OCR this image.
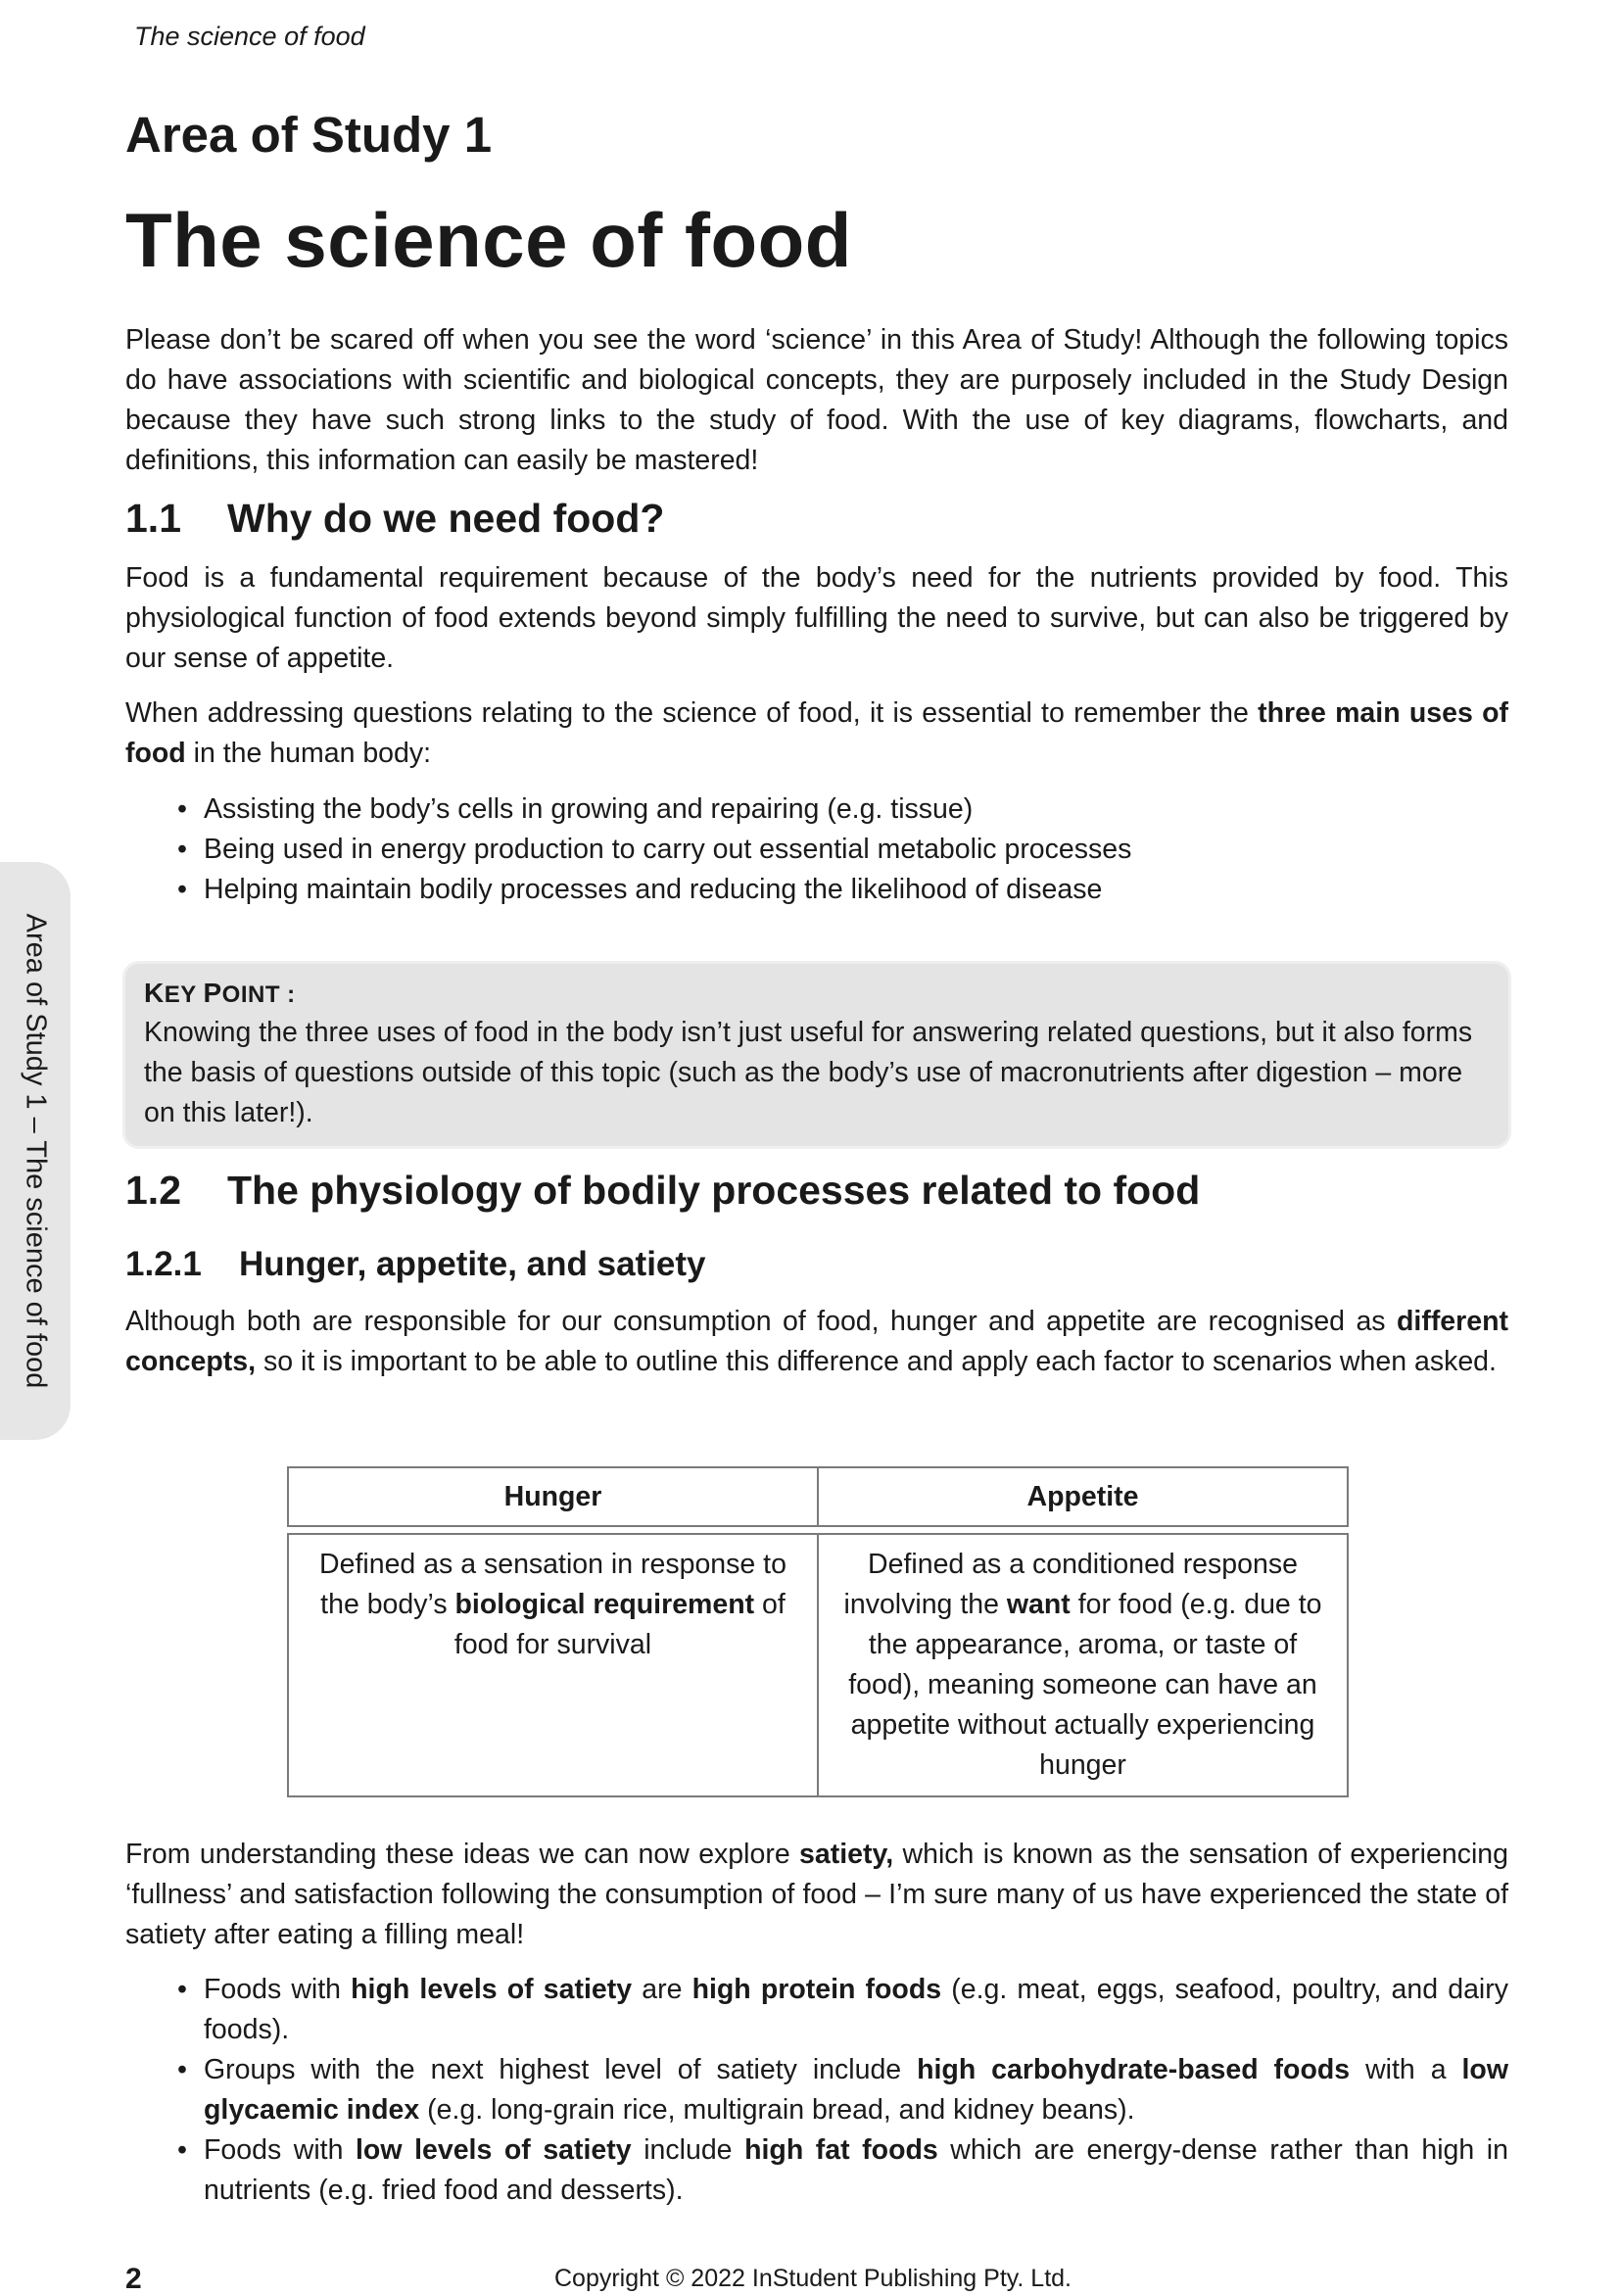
The science of food
Area of Study 1 – The science of food
Area of Study 1
The science of food

Please don’t be scared off when you see the word ‘science’ in this Area of Study! Although the following topics do have associations with scientific and biological concepts, they are purposely included in the Study Design because they have such strong links to the study of food. With the use of key diagrams, flowcharts, and definitions, this information can easily be mastered!

1.1 Why do we need food?

Food is a fundamental requirement because of the body’s need for the nutrients provided by food. This physiological function of food extends beyond simply fulfilling the need to survive, but can also be triggered by our sense of appetite.

When addressing questions relating to the science of food, it is essential to remember the three main uses of food in the human body:

• Assisting the body’s cells in growing and repairing (e.g. tissue)
• Being used in energy production to carry out essential metabolic processes
• Helping maintain bodily processes and reducing the likelihood of disease
KEY POINT :

Knowing the three uses of food in the body isn’t just useful for answering related questions, but it also forms the basis of questions outside of this topic (such as the body’s use of macronutrients after digestion – more on this later!).

1.2 The physiology of bodily processes related to food
1.2.1 Hunger, appetite, and satiety

Although both are responsible for our consumption of food, hunger and appetite are recognised as different concepts, so it is important to be able to outline this difference and apply each factor to scenarios when asked.

Hunger	Appetite

Defined as a sensation in response to the body’s biological requirement of food for survival	Defined as a conditioned response involving the want for food (e.g. due to the appearance, aroma, or taste of food), meaning someone can have an appetite without actually experiencing hunger

From understanding these ideas we can now explore satiety, which is known as the sensation of experiencing ‘fullness’ and satisfaction following the consumption of food – I’m sure many of us have experienced the state of satiety after eating a filling meal!

• Foods with high levels of satiety are high protein foods (e.g. meat, eggs, seafood, poultry, and dairy foods).
• Groups with the next highest level of satiety include high carbohydrate-based foods with a low glycaemic index (e.g. long-grain rice, multigrain bread, and kidney beans).
• Foods with low levels of satiety include high fat foods which are energy-dense rather than high in nutrients (e.g. fried food and desserts).
2	Copyright © 2022 InStudent Publishing Pty. Ltd.
